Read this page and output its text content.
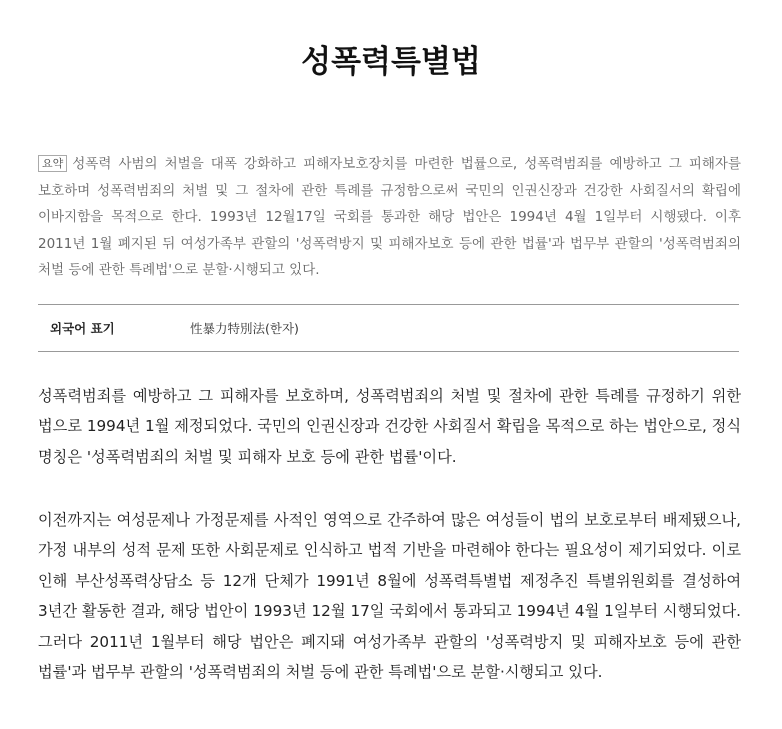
성폭력특별법

요약 성폭력 사범의 처벌을 대폭 강화하고 피해자보호장치를 마련한 법률으로, 성폭력범죄를 예방하고 그 피해자를 보호하며 성폭력범죄의 처벌 및 그 절차에 관한 특례를 규정함으로써 국민의 인권신장과 건강한 사회질서의 확립에 이바지함을 목적으로 한다. 1993년 12월17일 국회를 통과한 해당 법안은 1994년 4월 1일부터 시행됐다. 이후 2011년 1월 폐지된 뒤 여성가족부 관할의 '성폭력방지 및 피해자보호 등에 관한 법률'과 법무부 관할의 '성폭력범죄의 처벌 등에 관한 특례법'으로 분할·시행되고 있다.

외국어 표기	性暴力特別法(한자)

성폭력범죄를 예방하고 그 피해자를 보호하며, 성폭력범죄의 처벌 및 절차에 관한 특례를 규정하기 위한 법으로 1994년 1월 제정되었다. 국민의 인권신장과 건강한 사회질서 확립을 목적으로 하는 법안으로, 정식 명칭은 '성폭력범죄의 처벌 및 피해자 보호 등에 관한 법률'이다.

이전까지는 여성문제나 가정문제를 사적인 영역으로 간주하여 많은 여성들이 법의 보호로부터 배제됐으나, 가정 내부의 성적 문제 또한 사회문제로 인식하고 법적 기반을 마련해야 한다는 필요성이 제기되었다. 이로 인해 부산성폭력상담소 등 12개 단체가 1991년 8월에 성폭력특별법 제정추진 특별위원회를 결성하여 3년간 활동한 결과, 해당 법안이 1993년 12월 17일 국회에서 통과되고 1994년 4월 1일부터 시행되었다. 그러다 2011년 1월부터 해당 법안은 폐지돼 여성가족부 관할의 '성폭력방지 및 피해자보호 등에 관한 법률'과 법무부 관할의 '성폭력범죄의 처벌 등에 관한 특례법'으로 분할·시행되고 있다.
